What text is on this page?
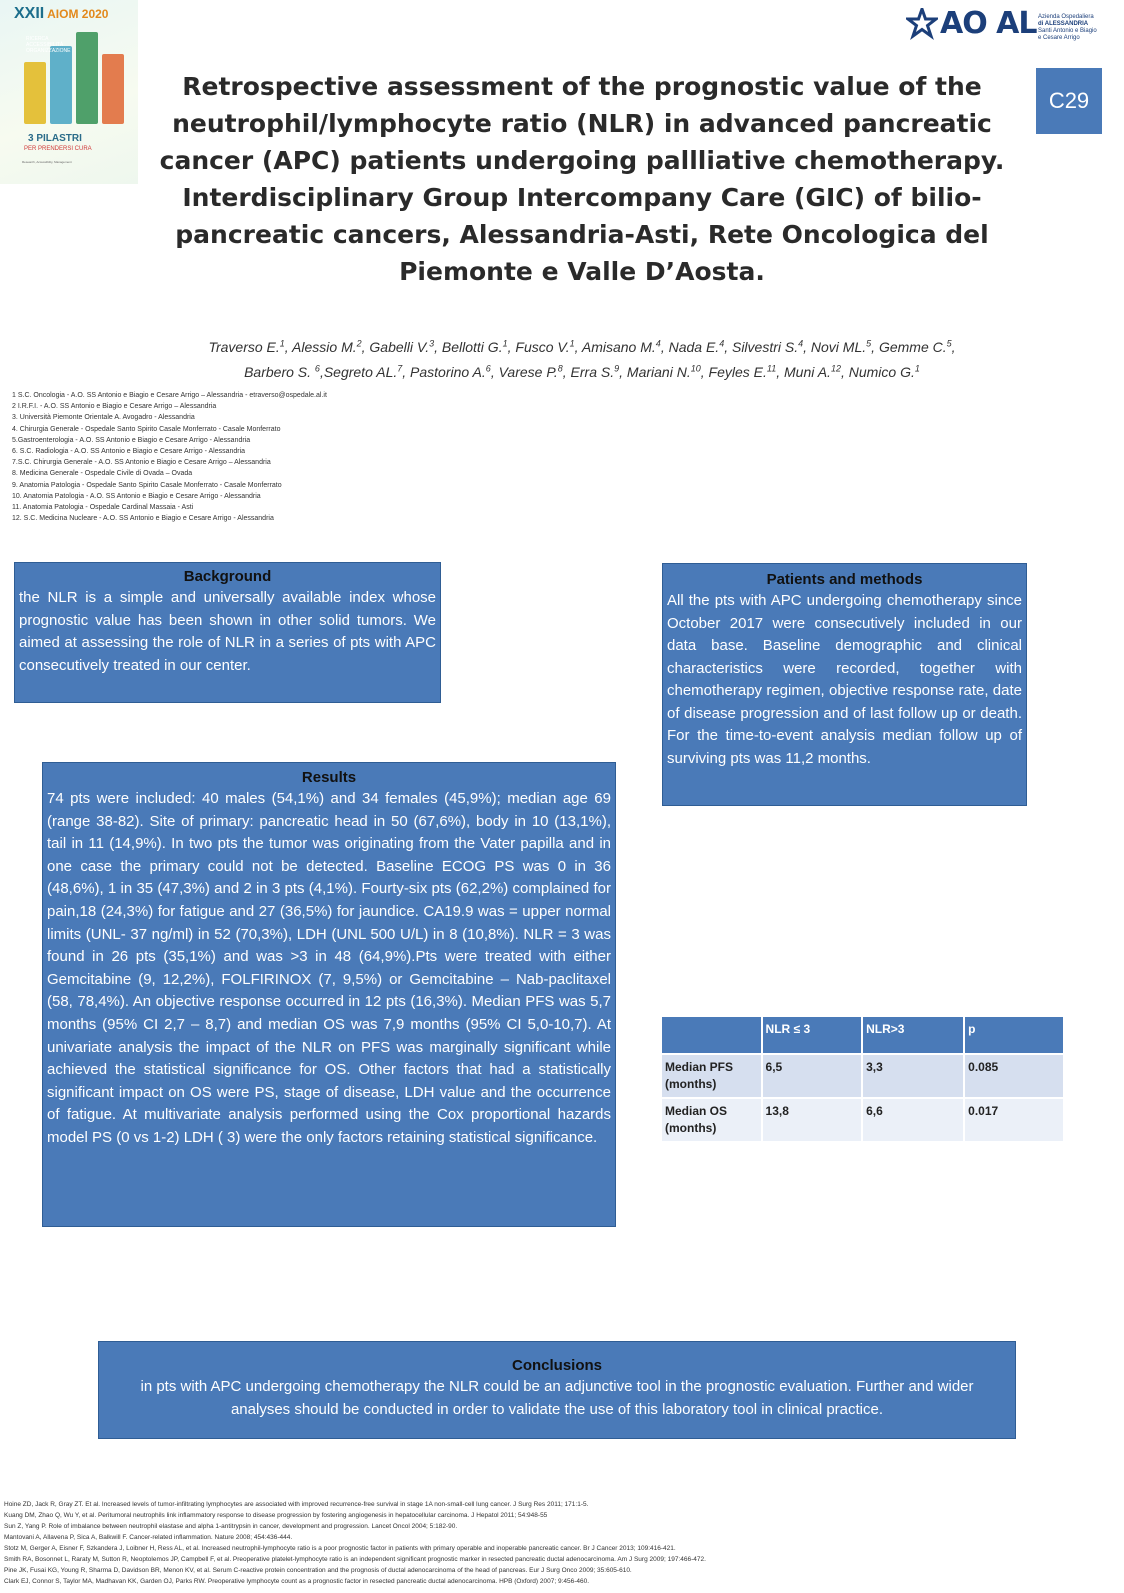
XXII AIOM 2020
3 PILASTRI
PER PRENDERSI CURA
Research, Accessibility, Management
RICERCA
ACCESSIBILITÀ
ORGANIZZAZIONE
AO AL Azienda Ospedaliera
di ALESSANDRIA
Santi Antonio e Biagio
e Cesare Arrigo
C29
Retrospective assessment of the prognostic value of the neutrophil/lymphocyte ratio (NLR) in advanced pancreatic cancer (APC) patients undergoing pallliative chemotherapy. Interdisciplinary Group Intercompany Care (GIC) of bilio-pancreatic cancers, Alessandria-Asti, Rete Oncologica del Piemonte e Valle D’Aosta.

Traverso E.$^1$, Alessio M.$^2$, Gabelli V.$^3$, Bellotti G.$^1$, Fusco V.$^1$, Amisano M.$^4$, Nada E.$^4$, Silvestri S.$^4$, Novi ML.$^5$, Gemme C.$^5$,
Barbero S. $^6$,Segreto AL.$^7$, Pastorino A.$^6$, Varese P.$^8$, Erra S.$^9$, Mariani N.$^{10}$, Feyles E.$^{11}$, Muni A.$^{12}$, Numico G.$^1$

1 S.C. Oncologia - A.O. SS Antonio e Biagio e Cesare Arrigo – Alessandria - etraverso@ospedale.al.it
2 I.R.F.I. - A.O. SS Antonio e Biagio e Cesare Arrigo – Alessandria
3. Università Piemonte Orientale A. Avogadro - Alessandria
4. Chirurgia Generale - Ospedale Santo Spirito Casale Monferrato - Casale Monferrato
5.Gastroenterologia - A.O. SS Antonio e Biagio e Cesare Arrigo - Alessandria
6. S.C. Radiologia - A.O. SS Antonio e Biagio e Cesare Arrigo - Alessandria
7.S.C. Chirurgia Generale - A.O. SS Antonio e Biagio e Cesare Arrigo – Alessandria
8. Medicina Generale - Ospedale Civile di Ovada – Ovada
9. Anatomia Patologia - Ospedale Santo Spirito Casale Monferrato - Casale Monferrato
10. Anatomia Patologia - A.O. SS Antonio e Biagio e Cesare Arrigo - Alessandria
11. Anatomia Patologia - Ospedale Cardinal Massaia - Asti
12. S.C. Medicina Nucleare - A.O. SS Antonio e Biagio e Cesare Arrigo - Alessandria
Background

the NLR is a simple and universally available index whose prognostic value has been shown in other solid tumors. We aimed at assessing the role of NLR in a series of pts with APC consecutively treated in our center.

Patients and methods

All the pts with APC undergoing chemotherapy since October 2017 were consecutively included in our data base. Baseline demographic and clinical characteristics were recorded, together with chemotherapy regimen, objective response rate, date of disease progression and of last follow up or death. For the time-to-event analysis median follow up of surviving pts was 11,2 months.

Results

74 pts were included: 40 males (54,1%) and 34 females (45,9%); median age 69 (range 38-82). Site of primary: pancreatic head in 50 (67,6%), body in 10 (13,1%), tail in 11 (14,9%). In two pts the tumor was originating from the Vater papilla and in one case the primary could not be detected. Baseline ECOG PS was 0 in 36 (48,6%), 1 in 35 (47,3%) and 2 in 3 pts (4,1%). Fourty-six pts (62,2%) complained for pain,18 (24,3%) for fatigue and 27 (36,5%) for jaundice. CA19.9 was = upper normal limits (UNL- 37 ng/ml) in 52 (70,3%), LDH (UNL 500 U/L) in 8 (10,8%). NLR = 3 was found in 26 pts (35,1%) and was >3 in 48 (64,9%).Pts were treated with either Gemcitabine (9, 12,2%), FOLFIRINOX (7, 9,5%) or Gemcitabine – Nab-paclitaxel (58, 78,4%). An objective response occurred in 12 pts (16,3%). Median PFS was 5,7 months (95% CI 2,7 – 8,7) and median OS was 7,9 months (95% CI 5,0-10,7). At univariate analysis the impact of the NLR on PFS was marginally significant while achieved the statistical significance for OS. Other factors that had a statistically significant impact on OS were PS, stage of disease, LDH value and the occurrence of fatigue. At multivariate analysis performed using the Cox proportional hazards model PS (0 vs 1-2) LDH ( 3) were the only factors retaining statistical significance.

	NLR ≤ 3	NLR>3	p
Median PFS (months)	6,5	3,3	0.085
Median OS (months)	13,8	6,6	0.017
Conclusions

in pts with APC undergoing chemotherapy the NLR could be an adjunctive tool in the prognostic evaluation. Further and wider analyses should be conducted in order to validate the use of this laboratory tool in clinical practice.

Hoine ZD, Jack R, Gray ZT. Et al. Increased levels of tumor-infiltrating lymphocytes are associated with improved recurrence-free survival in stage 1A non-small-cell lung cancer. J Surg Res 2011; 171:1-5.
Kuang DM, Zhao Q, Wu Y, et al. Peritumoral neutrophils link inflammatory response to disease progression by fostering angiogenesis in hepatocellular carcinoma. J Hepatol 2011; 54:948-55
Sun Z, Yang P. Role of imbalance between neutrophil elastase and alpha 1-antitrypsin in cancer, development and progression. Lancet Oncol 2004; 5:182-90.
Mantovani A, Allavena P, Sica A, Balkwill F. Cancer-related inflammation. Nature 2008; 454:436-444.
Stotz M, Gerger A, Eisner F, Szkandera J, Loibner H, Ress AL, et al. Increased neutrophil-lymphocyte ratio is a poor prognostic factor in patients with primary operable and inoperable pancreatic cancer. Br J Cancer 2013; 109:416-421.
Smith RA, Bosonnet L, Raraty M, Sutton R, Neoptolemos JP, Campbell F, et al. Preoperative platelet-lymphocyte ratio is an independent significant prognostic marker in resected pancreatic ductal adenocarcinoma. Am J Surg 2009; 197:466-472.
Pine JK, Fusai KG, Young R, Sharma D, Davidson BR, Menon KV, et al. Serum C-reactive protein concentration and the prognosis of ductal adenocarcinoma of the head of pancreas. Eur J Surg Onco 2009; 35:605-610.
Clark EJ, Connor S, Taylor MA, Madhavan KK, Garden OJ, Parks RW. Preoperative lymphocyte count as a prognostic factor in resected pancreatic ductal adenocarcinoma. HPB (Oxford) 2007; 9:456-460.
